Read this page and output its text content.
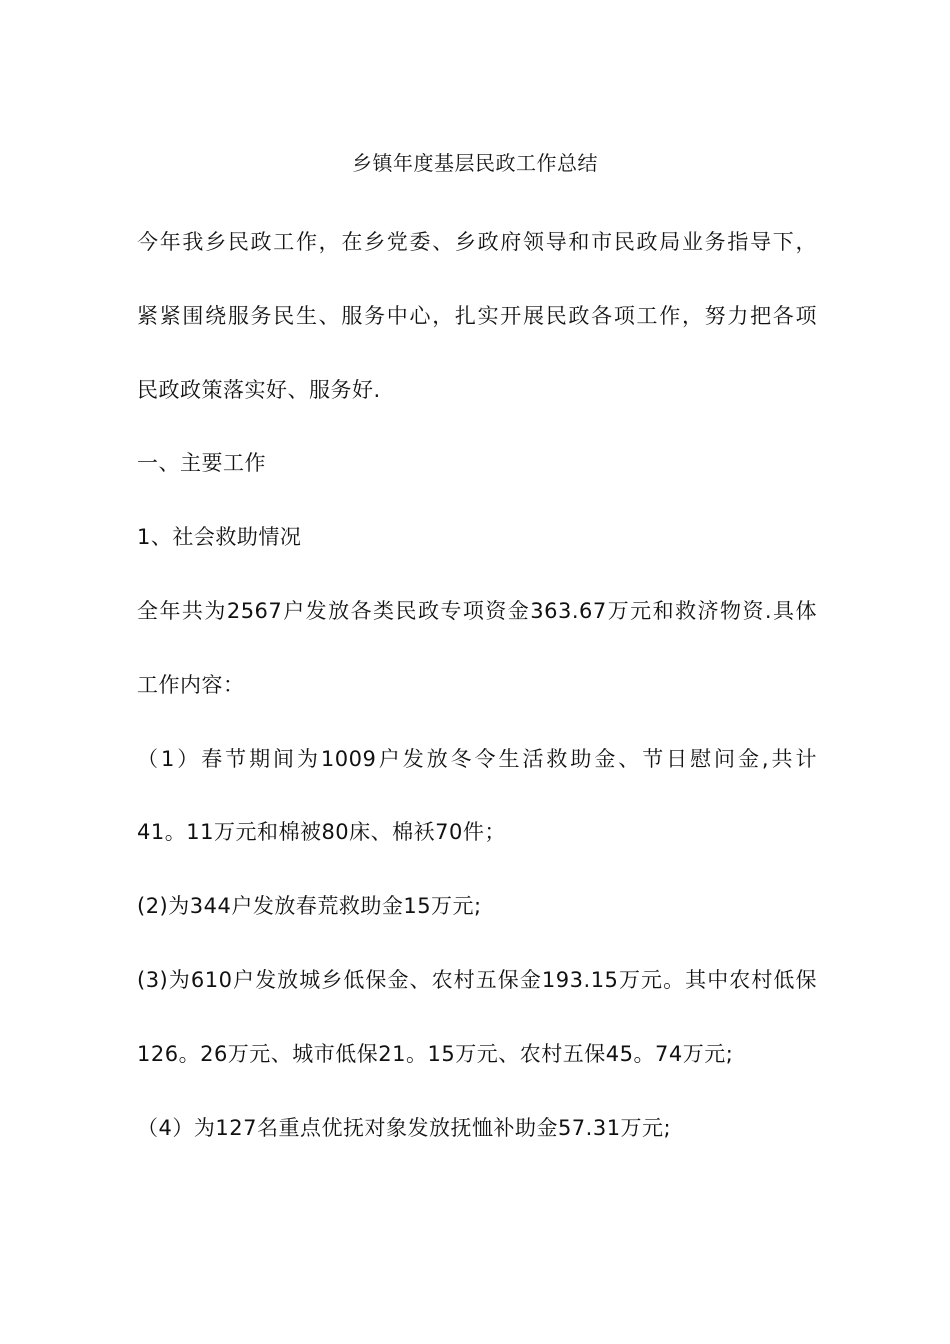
乡镇年度基层民政工作总结
今年我乡民政工作，在乡党委、乡政府领导和市民政局业务指导下，
紧紧围绕服务民生、服务中心，扎实开展民政各项工作，努力把各项
民政政策落实好、服务好.
一、主要工作
1、社会救助情况
全年共为2567户发放各类民政专项资金363.67万元和救济物资.具体
工作内容：
（1）春节期间为1009户发放冬令生活救助金、节日慰问金,共计
41。11万元和棉被80床、棉袄70件；
(2)为344户发放春荒救助金15万元;
(3)为610户发放城乡低保金、农村五保金193.15万元。其中农村低保
126。26万元、城市低保21。15万元、农村五保45。74万元;
（4）为127名重点优抚对象发放抚恤补助金57.31万元;
